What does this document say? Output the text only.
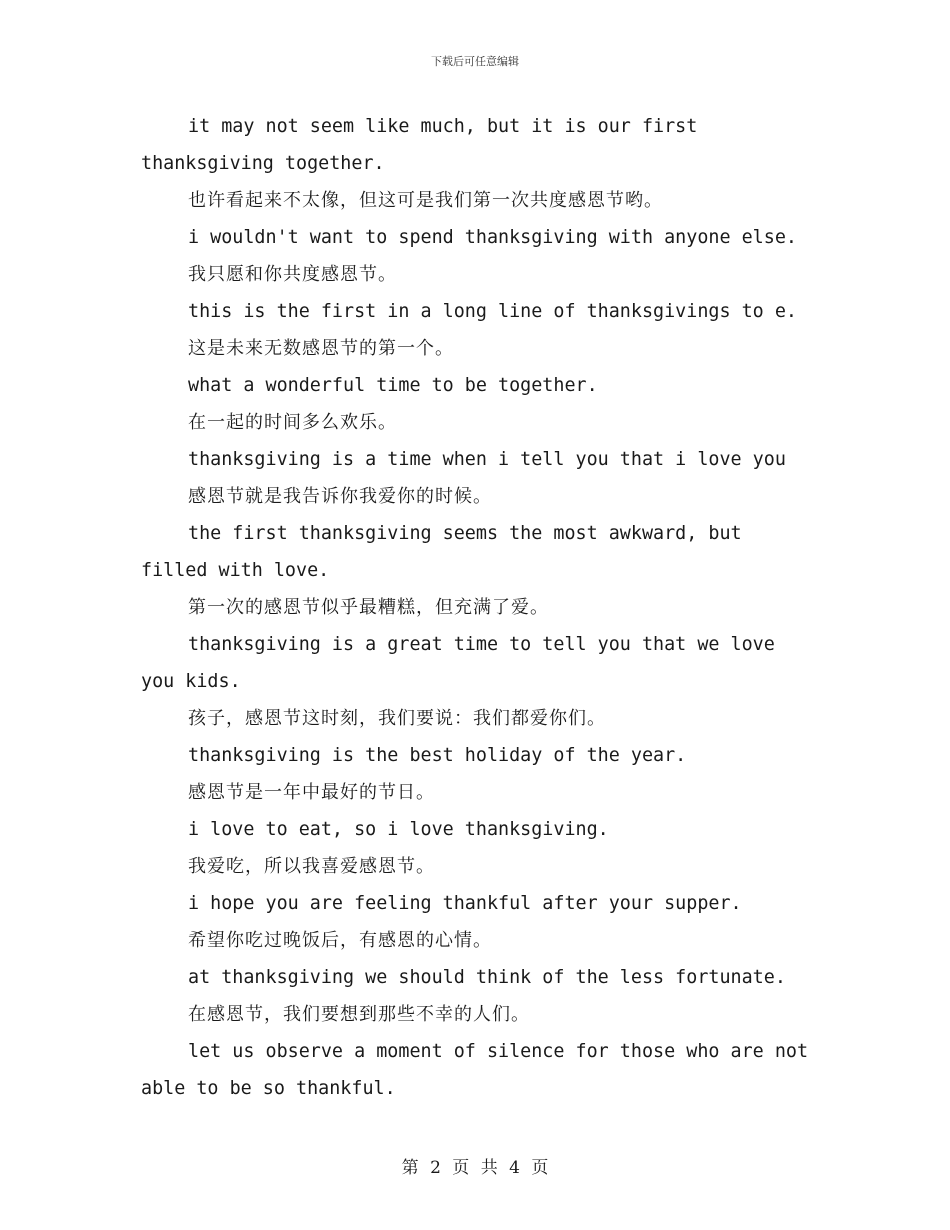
下载后可任意编辑

it may not seem like much, but it is our first thanksgiving together.

也许看起来不太像，但这可是我们第一次共度感恩节哟。

i wouldn't want to spend thanksgiving with anyone else.

我只愿和你共度感恩节。

this is the first in a long line of thanksgivings to e.

这是未来无数感恩节的第一个。

what a wonderful time to be together.

在一起的时间多么欢乐。

thanksgiving is a time when i tell you that i love you

感恩节就是我告诉你我爱你的时候。

the first thanksgiving seems the most awkward, but filled with love.

第一次的感恩节似乎最糟糕，但充满了爱。

thanksgiving is a great time to tell you that we love you kids.

孩子，感恩节这时刻，我们要说：我们都爱你们。

thanksgiving is the best holiday of the year.

感恩节是一年中最好的节日。

i love to eat, so i love thanksgiving.

我爱吃，所以我喜爱感恩节。

i hope you are feeling thankful after your supper.

希望你吃过晚饭后，有感恩的心情。

at thanksgiving we should think of the less fortunate.

在感恩节，我们要想到那些不幸的人们。

let us observe a moment of silence for those who are not able to be so thankful.

第 2 页 共 4 页
